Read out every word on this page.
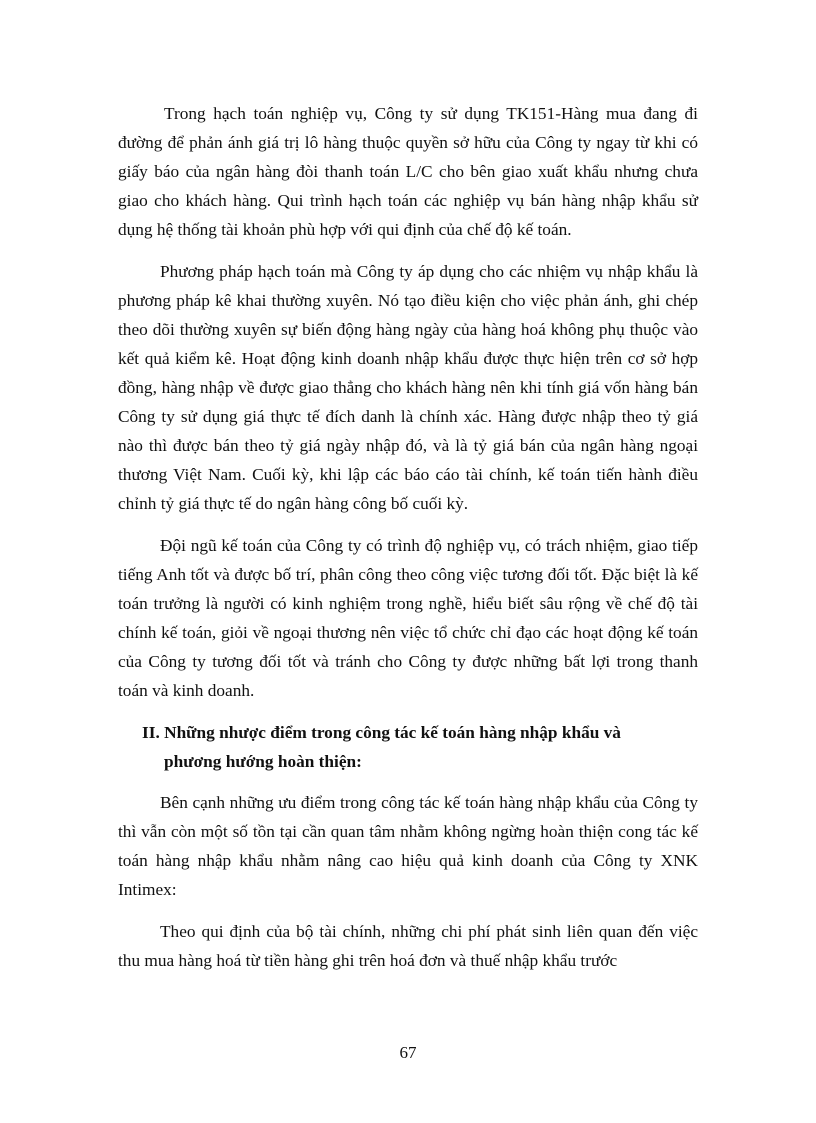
Trong hạch toán nghiệp vụ, Công ty sử dụng TK151-Hàng mua đang đi đường để phản ánh giá trị lô hàng thuộc quyền sở hữu của Công ty ngay từ khi có giấy báo của ngân hàng đòi thanh toán L/C cho bên giao xuất khẩu nhưng chưa giao cho khách hàng. Qui trình hạch toán các nghiệp vụ bán hàng nhập khẩu sử dụng hệ thống tài khoản phù hợp với qui định của chế độ kế toán.

Phương pháp hạch toán mà Công ty áp dụng cho các nhiệm vụ nhập khẩu là phương pháp kê khai thường xuyên. Nó tạo điều kiện cho việc phản ánh, ghi chép theo dõi thường xuyên sự biến động hàng ngày của hàng hoá không phụ thuộc vào kết quả kiểm kê. Hoạt động kinh doanh nhập khẩu được thực hiện trên cơ sở hợp đồng, hàng nhập về được giao thẳng cho khách hàng nên khi tính giá vốn hàng bán Công ty sử dụng giá thực tế đích danh là chính xác. Hàng được nhập theo tỷ giá nào thì được bán theo tỷ giá ngày nhập đó, và là tỷ giá bán của ngân hàng ngoại thương Việt Nam. Cuối kỳ, khi lập các báo cáo tài chính, kế toán tiến hành điều chỉnh tỷ giá thực tế do ngân hàng công bố cuối kỳ.

Đội ngũ kế toán của Công ty có trình độ nghiệp vụ, có trách nhiệm, giao tiếp tiếng Anh tốt và được bố trí, phân công theo công việc tương đối tốt. Đặc biệt là kế toán trưởng là người có kinh nghiệm trong nghề, hiểu biết sâu rộng về chế độ tài chính kế toán, giỏi về ngoại thương nên việc tổ chức chỉ đạo các hoạt động kế toán của Công ty tương đối tốt và tránh cho Công ty được những bất lợi trong thanh toán và kinh doanh.

II. Những nhược điểm trong công tác kế toán hàng nhập khẩu và
phương hướng hoàn thiện:

Bên cạnh những ưu điểm trong công tác kế toán hàng nhập khẩu của Công ty thì vẫn còn một số tồn tại cần quan tâm nhằm không ngừng hoàn thiện cong tác kế toán hàng nhập khẩu nhằm nâng cao hiệu quả kinh doanh của Công ty XNK Intimex:

Theo qui định của bộ tài chính, những chi phí phát sinh liên quan đến việc thu mua hàng hoá từ tiền hàng ghi trên hoá đơn và thuế nhập khẩu trước

67
